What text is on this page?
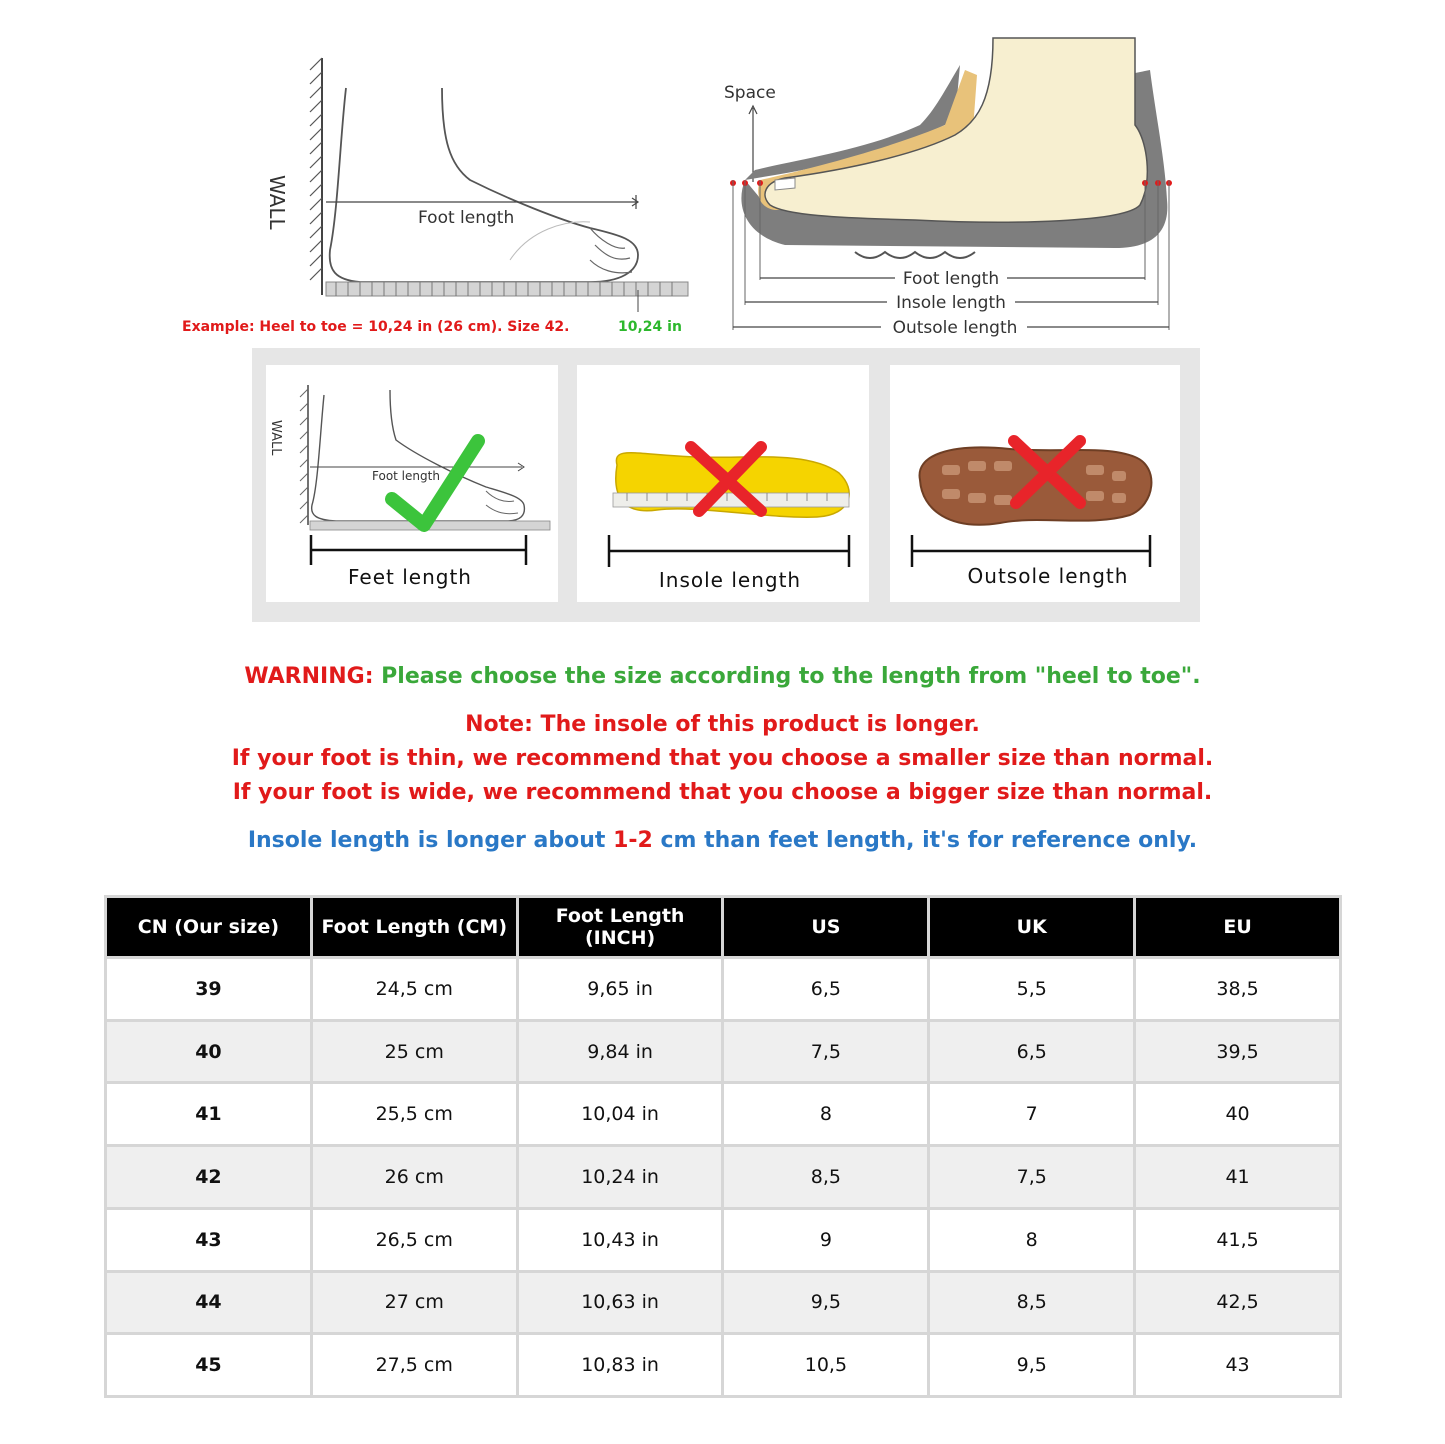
WALL	Foot length
Example: Heel to toe = 10,24 in (26 cm). Size 42.	10,24 in
Space
Foot length
Insole length
Outsole length
WALL
Foot length
Feet length	Insole length	Outsole length
WARNING: Please choose the size according to the length from "heel to toe".
Note: The insole of this product is longer.
If your foot is thin, we recommend that you choose a smaller size than normal.
If your foot is wide, we recommend that you choose a bigger size than normal.
Insole length is longer about 1-2 cm than feet length, it's for reference only.
CN (Our size)	Foot Length (CM)	Foot Length (INCH)	US	UK	EU
39	24,5 cm	9,65 in	6,5	5,5	38,5
40	25 cm	9,84 in	7,5	6,5	39,5
41	25,5 cm	10,04 in	8	7	40
42	26 cm	10,24 in	8,5	7,5	41
43	26,5 cm	10,43 in	9	8	41,5
44	27 cm	10,63 in	9,5	8,5	42,5
45	27,5 cm	10,83 in	10,5	9,5	43
